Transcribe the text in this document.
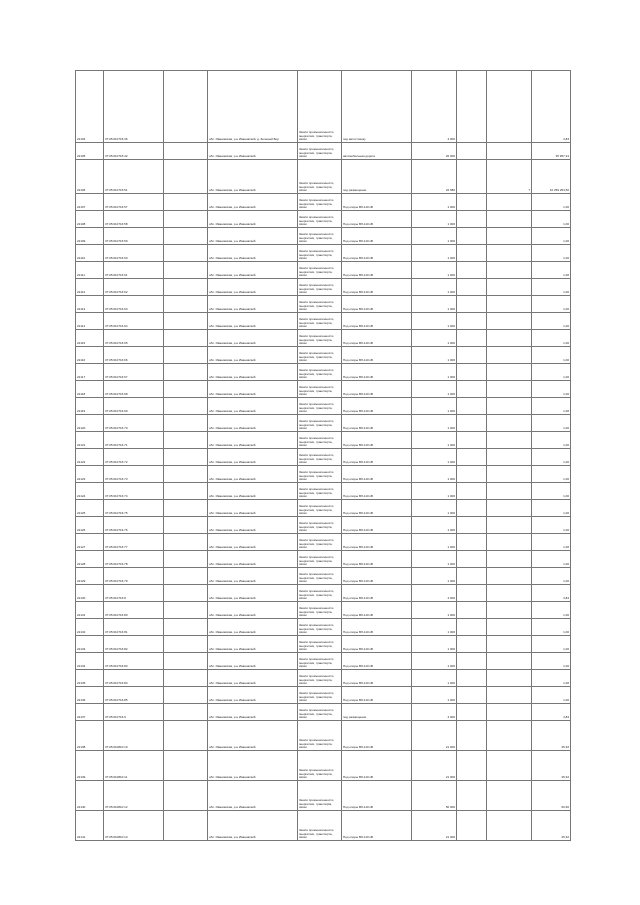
22104	37:05:010715:36		обл. Ивановская, р-н Ивановский, д. Зеленый Бор	Земли промышленности, энергетики, транспорта, связи	под автостоянку	4 000			4,84
22105	37:05:010715:42		обл. Ивановская, р-н Ивановский	Земли промышленности, энергетики, транспорта, связи	автомобильная дорога	26 000			35 957,34
22106	37:05:010715:51		обл. Ивановская, р-н Ивановский	Земли промышленности, энергетики, транспорта, связи	под размещение	22 580		7	10 259 254,56
22107	37:05:010716:57		обл. Ивановская, р-н Ивановский	Земли промышленности, энергетики, транспорта, связи	Под опоры ВЛ-110 кВ	1 000			1,00
22108	37:05:010716:58		обл. Ивановская, р-н Ивановский	Земли промышленности, энергетики, транспорта, связи	Под опоры ВЛ-110 кВ	1 000			1,00
22109	37:05:010716:59		обл. Ивановская, р-н Ивановский	Земли промышленности, энергетики, транспорта, связи	Под опоры ВЛ-110 кВ	1 000			1,00
22110	37:05:010716:60		обл. Ивановская, р-н Ивановский	Земли промышленности, энергетики, транспорта, связи	Под опоры ВЛ-110 кВ	1 000			1,00
22111	37:05:010716:61		обл. Ивановская, р-н Ивановский	Земли промышленности, энергетики, транспорта, связи	Под опоры ВЛ-110 кВ	1 000			1,00
22112	37:05:010716:62		обл. Ивановская, р-н Ивановский	Земли промышленности, энергетики, транспорта, связи	Под опоры ВЛ-110 кВ	1 000			1,00
22113	37:05:010716:63		обл. Ивановская, р-н Ивановский	Земли промышленности, энергетики, транспорта, связи	Под опоры ВЛ-110 кВ	1 000			1,00
22114	37:05:010716:64		обл. Ивановская, р-н Ивановский	Земли промышленности, энергетики, транспорта, связи	Под опоры ВЛ-110 кВ	1 000			1,00
22115	37:05:010716:65		обл. Ивановская, р-н Ивановский	Земли промышленности, энергетики, транспорта, связи	Под опоры ВЛ-110 кВ	1 000			1,00
22116	37:05:010716:66		обл. Ивановская, р-н Ивановский	Земли промышленности, энергетики, транспорта, связи	Под опоры ВЛ-110 кВ	1 000			1,00
22117	37:05:010716:67		обл. Ивановская, р-н Ивановский	Земли промышленности, энергетики, транспорта, связи	Под опоры ВЛ-110 кВ	1 000			1,00
22118	37:05:010716:68		обл. Ивановская, р-н Ивановский	Земли промышленности, энергетики, транспорта, связи	Под опоры ВЛ-110 кВ	1 000			1,00
22119	37:05:010716:69		обл. Ивановская, р-н Ивановский	Земли промышленности, энергетики, транспорта, связи	Под опоры ВЛ-110 кВ	1 000			1,00
22120	37:05:010716:70		обл. Ивановская, р-н Ивановский	Земли промышленности, энергетики, транспорта, связи	Под опоры ВЛ-110 кВ	1 000			1,00
22121	37:05:010716:71		обл. Ивановская, р-н Ивановский	Земли промышленности, энергетики, транспорта, связи	Под опоры ВЛ-110 кВ	1 000			1,00
22122	37:05:010716:72		обл. Ивановская, р-н Ивановский	Земли промышленности, энергетики, транспорта, связи	Под опоры ВЛ-110 кВ	1 000			1,00
22123	37:05:010716:73		обл. Ивановская, р-н Ивановский	Земли промышленности, энергетики, транспорта, связи	Под опоры ВЛ-110 кВ	1 000			1,00
22124	37:05:010716:74		обл. Ивановская, р-н Ивановский	Земли промышленности, энергетики, транспорта, связи	Под опоры ВЛ-110 кВ	1 000			1,00
22125	37:05:010716:75		обл. Ивановская, р-н Ивановский	Земли промышленности, энергетики, транспорта, связи	Под опоры ВЛ-110 кВ	1 000			1,00
22126	37:05:010716:76		обл. Ивановская, р-н Ивановский	Земли промышленности, энергетики, транспорта, связи	Под опоры ВЛ-110 кВ	1 000			1,00
22127	37:05:010716:77		обл. Ивановская, р-н Ивановский	Земли промышленности, энергетики, транспорта, связи	Под опоры ВЛ-110 кВ	1 000			1,00
22128	37:05:010716:78		обл. Ивановская, р-н Ивановский	Земли промышленности, энергетики, транспорта, связи	Под опоры ВЛ-110 кВ	1 000			1,00
22129	37:05:010716:79		обл. Ивановская, р-н Ивановский	Земли промышленности, энергетики, транспорта, связи	Под опоры ВЛ-110 кВ	1 000			1,00
22130	37:05:010716:8		обл. Ивановская, р-н Ивановский	Земли промышленности, энергетики, транспорта, связи	Под опоры ВЛ-110 кВ	4 000			4,84
22131	37:05:010716:80		обл. Ивановская, р-н Ивановский	Земли промышленности, энергетики, транспорта, связи	Под опоры ВЛ-110 кВ	1 000			1,00
22132	37:05:010716:81		обл. Ивановская, р-н Ивановский	Земли промышленности, энергетики, транспорта, связи	Под опоры ВЛ-110 кВ	1 000			1,00
22133	37:05:010716:82		обл. Ивановская, р-н Ивановский	Земли промышленности, энергетики, транспорта, связи	Под опоры ВЛ-110 кВ	1 000			1,00
22134	37:05:010716:83		обл. Ивановская, р-н Ивановский	Земли промышленности, энергетики, транспорта, связи	Под опоры ВЛ-110 кВ	1 000			1,00
22135	37:05:010716:84		обл. Ивановская, р-н Ивановский	Земли промышленности, энергетики, транспорта, связи	Под опоры ВЛ-110 кВ	1 000			1,00
22136	37:05:010716:85		обл. Ивановская, р-н Ивановский	Земли промышленности, энергетики, транспорта, связи	Под опоры ВЛ-110 кВ	1 000			1,00
22137	37:05:010716:9		обл. Ивановская, р-н Ивановский	Земли промышленности, энергетики, транспорта, связи	под размещение	4 000			4,84
22138	37:05:010810:10		обл. Ивановская, р-н Ивановский	Земли промышленности, энергетики, транспорта, связи	Под опоры ВЛ-110 кВ	21 000			25,32
22139	37:05:010810:11		обл. Ивановская, р-н Ивановский	Земли промышленности, энергетики, транспорта, связи	Под опоры ВЛ-110 кВ	21 000			25,32
22140	37:05:010810:12		обл. Ивановская, р-н Ивановский	Земли промышленности, энергетики, транспорta, связи	Под опоры ВЛ-110 кВ	50 000			60,60
22141	37:05:010810:13		обл. Ивановская, р-н Ивановский	Земли промышленности, энергетики, транспорта, связи	Под опоры ВЛ-110 кВ	21 000			25,32
